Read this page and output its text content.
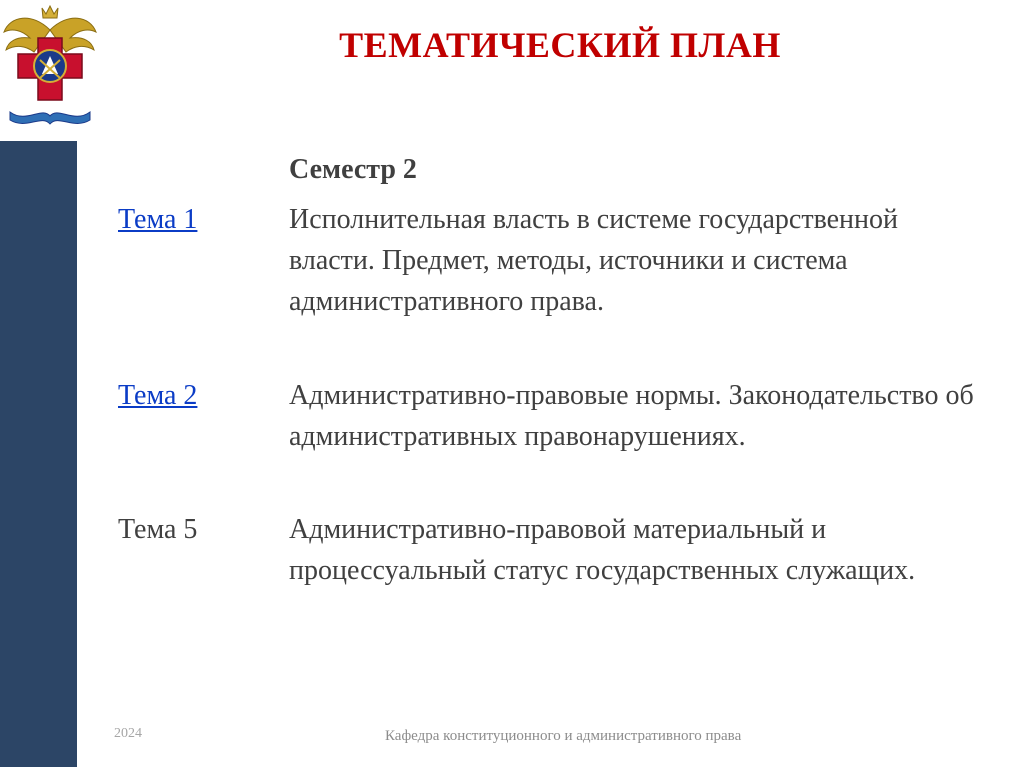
ТЕМАТИЧЕСКИЙ ПЛАН
Семестр 2
Тема 1	Исполнительная власть в системе государственной власти. Предмет, методы, источники и система административного права.
Тема 2	Административно-правовые нормы. Законодательство об административных правонарушениях.
Тема 5	Административно-правовой материальный и процессуальный статус государственных служащих.
2024	Кафедра конституционного и административного права
